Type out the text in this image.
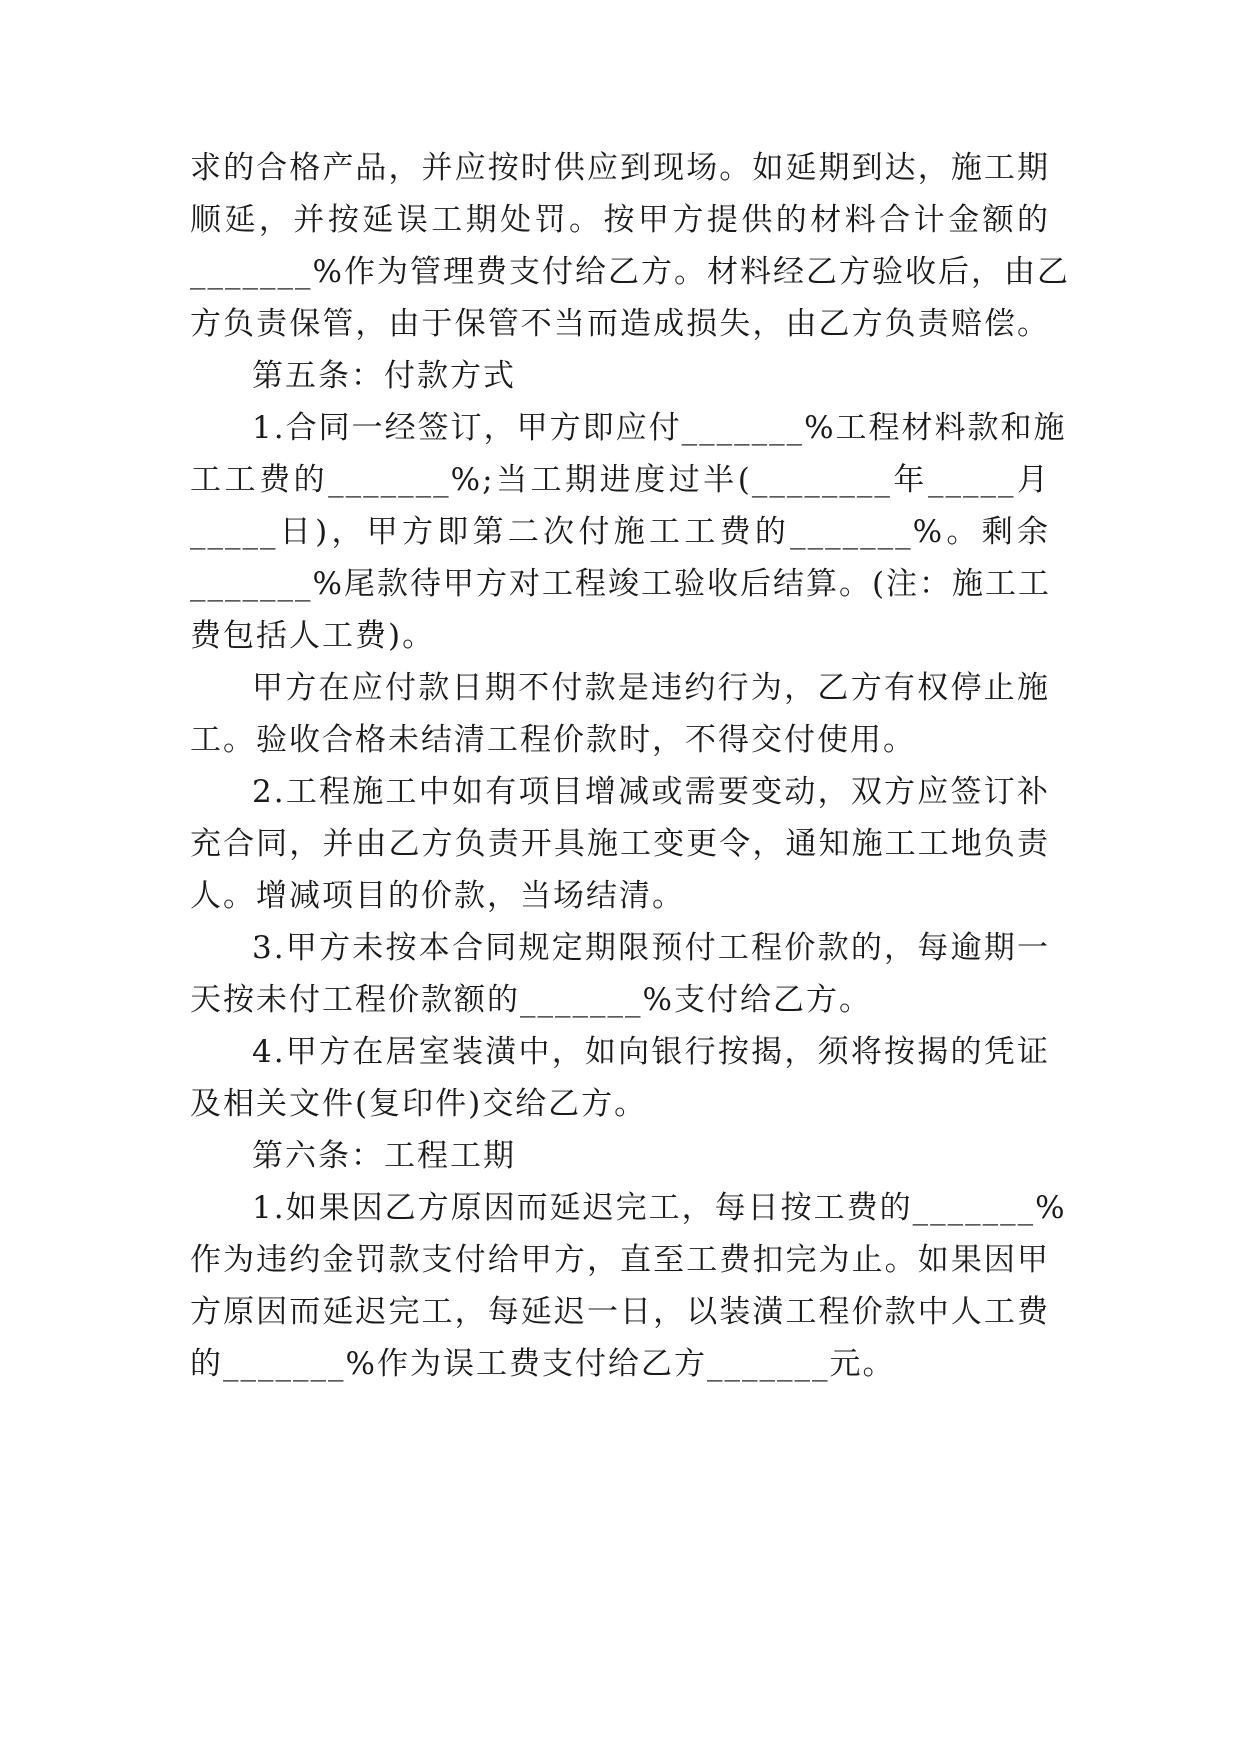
求的合格产品，并应按时供应到现场。如延期到达，施工期
顺延，并按延误工期处罚。按甲方提供的材料合计金额的
_______%作为管理费支付给乙方。材料经乙方验收后，由乙
方负责保管，由于保管不当而造成损失，由乙方负责赔偿。
第五条：付款方式
1.合同一经签订，甲方即应付_______%工程材料款和施
工工费的_______%;当工期进度过半(________年_____月
_____日)，甲方即第二次付施工工费的_______%。剩余
_______%尾款待甲方对工程竣工验收后结算。(注：施工工
费包括人工费)。
甲方在应付款日期不付款是违约行为，乙方有权停止施
工。验收合格未结清工程价款时，不得交付使用。
2.工程施工中如有项目增减或需要变动，双方应签订补
充合同，并由乙方负责开具施工变更令，通知施工工地负责
人。增减项目的价款，当场结清。
3.甲方未按本合同规定期限预付工程价款的，每逾期一
天按未付工程价款额的_______%支付给乙方。
4.甲方在居室装潢中，如向银行按揭，须将按揭的凭证
及相关文件(复印件)交给乙方。
第六条：工程工期
1.如果因乙方原因而延迟完工，每日按工费的_______%
作为违约金罚款支付给甲方，直至工费扣完为止。如果因甲
方原因而延迟完工，每延迟一日，以装潢工程价款中人工费
的_______%作为误工费支付给乙方_______元。
